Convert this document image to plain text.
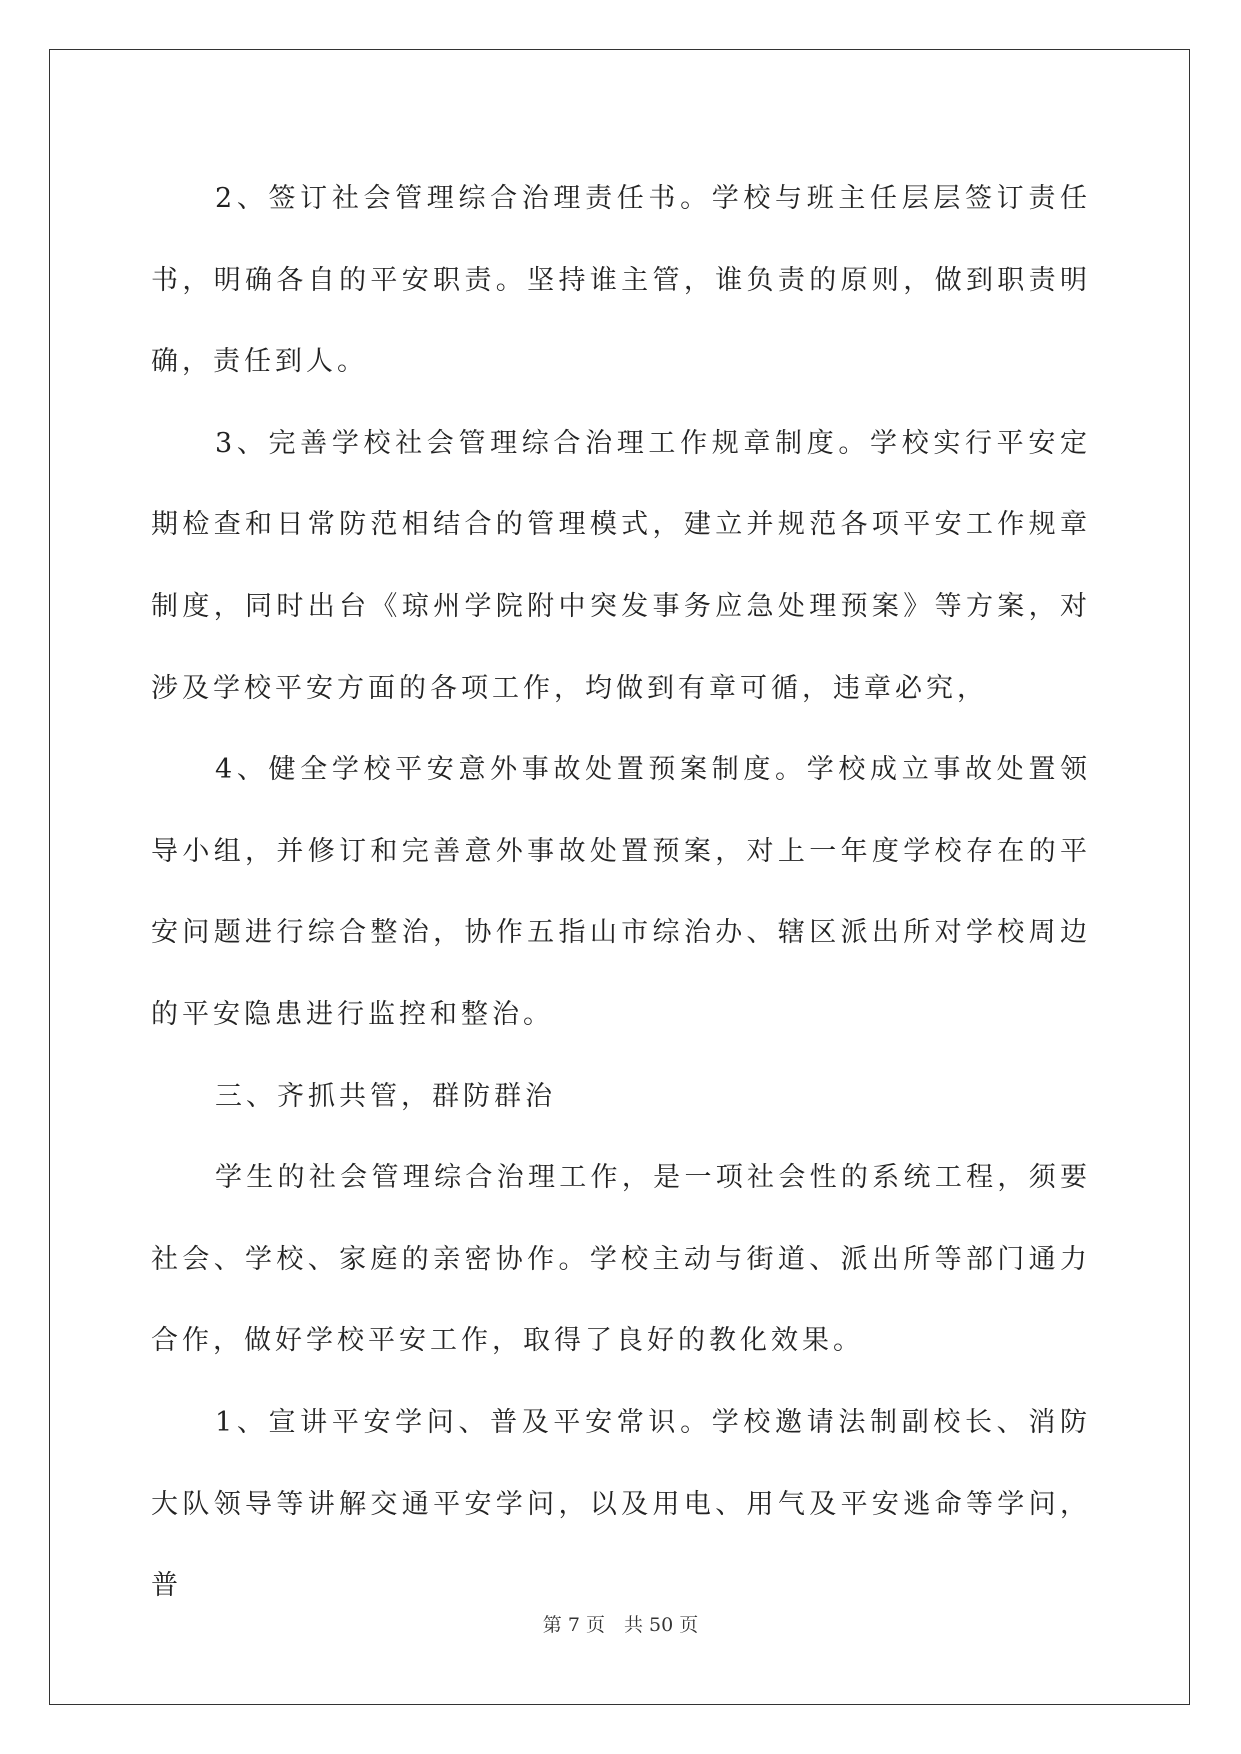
2、签订社会管理综合治理责任书。学校与班主任层层签订责任书，明确各自的平安职责。坚持谁主管，谁负责的原则，做到职责明确，责任到人。

3、完善学校社会管理综合治理工作规章制度。学校实行平安定期检查和日常防范相结合的管理模式，建立并规范各项平安工作规章制度，同时出台《琼州学院附中突发事务应急处理预案》等方案，对涉及学校平安方面的各项工作，均做到有章可循，违章必究，

4、健全学校平安意外事故处置预案制度。学校成立事故处置领导小组，并修订和完善意外事故处置预案，对上一年度学校存在的平安问题进行综合整治，协作五指山市综治办、辖区派出所对学校周边的平安隐患进行监控和整治。

三、齐抓共管，群防群治

学生的社会管理综合治理工作，是一项社会性的系统工程，须要社会、学校、家庭的亲密协作。学校主动与街道、派出所等部门通力合作，做好学校平安工作，取得了良好的教化效果。

1、宣讲平安学问、普及平安常识。学校邀请法制副校长、消防大队领导等讲解交通平安学问，以及用电、用气及平安逃命等学问，普

第 7 页　共 50 页
